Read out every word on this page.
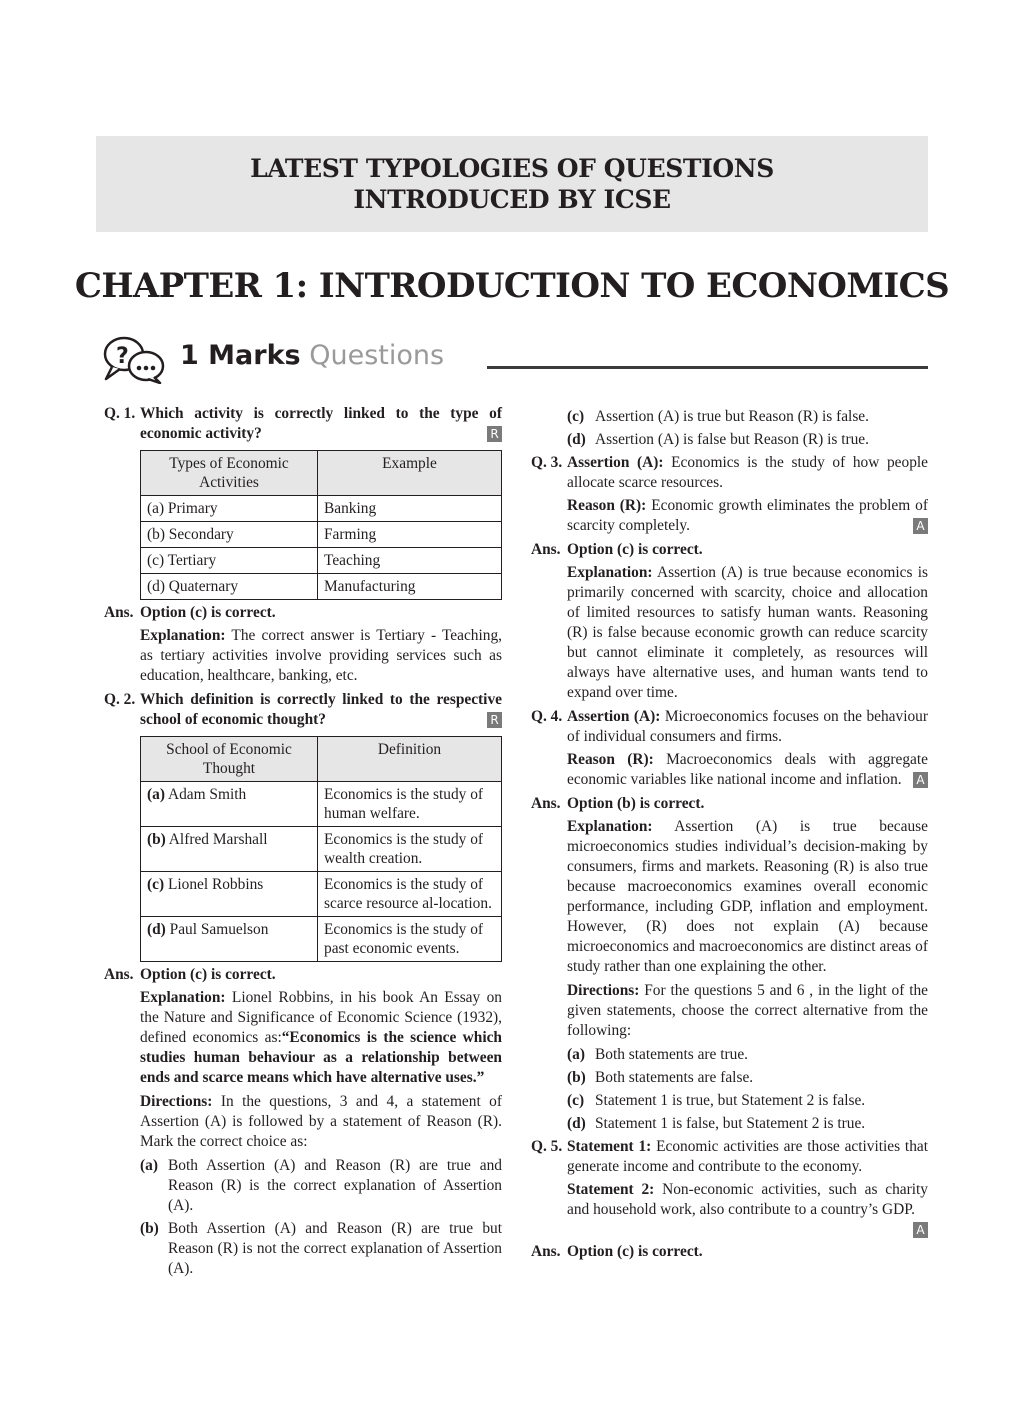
LATEST TYPOLOGIES OF QUESTIONS
INTRODUCED BY ICSE
CHAPTER 1: INTRODUCTION TO ECONOMICS
? 1 Marks Questions
Q. 1. Which activity is correctly linked to the type of economic activity?	R
Types of Economic Activities	Example
(a) Primary	Banking
(b) Secondary	Farming
(c) Tertiary	Teaching
(d) Quaternary	Manufacturing
Ans. Option (c) is correct.
Explanation: The correct answer is Tertiary - Teaching, as tertiary activities involve providing services such as education, healthcare, banking, etc.
Q. 2. Which definition is correctly linked to the respective school of economic thought?	R
School of Economic Thought	Definition
(a) Adam Smith	Economics is the study of human welfare.
(b) Alfred Marshall	Economics is the study of wealth creation.
(c) Lionel Robbins	Economics is the study of scarce resource al-location.
(d) Paul Samuelson	Economics is the study of past economic events.
Ans. Option (c) is correct.
Explanation: Lionel Robbins, in his book An Essay on the Nature and Significance of Economic Science (1932), defined economics as:“Economics is the science which studies human behaviour as a relationship between ends and scarce means which have alternative uses.”
Directions: In the questions, 3 and 4, a statement of Assertion (A) is followed by a statement of Reason (R). Mark the correct choice as:
(a) Both Assertion (A) and Reason (R) are true and Reason (R) is the correct explanation of Assertion (A).
(b) Both Assertion (A) and Reason (R) are true but Reason (R) is not the correct explanation of Assertion (A).
(c) Assertion (A) is true but Reason (R) is false.
(d) Assertion (A) is false but Reason (R) is true.
Q. 3. Assertion (A): Economics is the study of how people allocate scarce resources.
Reason (R): Economic growth eliminates the problem of scarcity completely.	A
Ans. Option (c) is correct.
Explanation: Assertion (A) is true because economics is primarily concerned with scarcity, choice and allocation of limited resources to satisfy human wants. Reasoning (R) is false because economic growth can reduce scarcity but cannot eliminate it completely, as resources will always have alternative uses, and human wants tend to expand over time.
Q. 4. Assertion (A): Microeconomics focuses on the behaviour of individual consumers and firms.
Reason (R): Macroeconomics deals with aggregate economic variables like national income and inflation. A
Ans. Option (b) is correct.
Explanation: Assertion (A) is true because microeconomics studies individual’s decision-making by consumers, firms and markets. Reasoning (R) is also true because macroeconomics examines overall economic performance, including GDP, inflation and employment. However, (R) does not explain (A) because microeconomics and macroeconomics are distinct areas of study rather than one explaining the other.
Directions: For the questions 5 and 6 , in the light of the given statements, choose the correct alternative from the following:
(a) Both statements are true.
(b) Both statements are false.
(c) Statement 1 is true, but Statement 2 is false.
(d) Statement 1 is false, but Statement 2 is true.
Q. 5. Statement 1: Economic activities are those activities that generate income and contribute to the economy.
Statement 2: Non-economic activities, such as charity and household work, also contribute to a country’s GDP.
A
Ans. Option (c) is correct.
